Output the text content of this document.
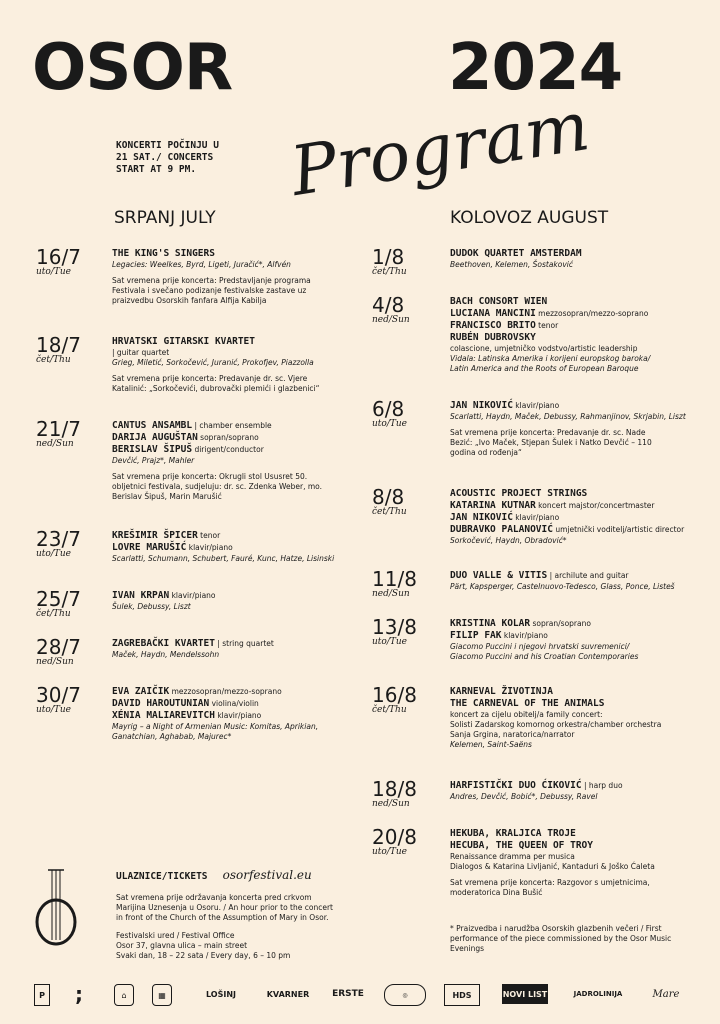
OSOR	2024
Program
KONCERTI POČINJU U
21 SAT./ CONCERTS
START AT 9 PM.
SRPANJ JULY	KOLOVOZ AUGUST
16/7
uto/Tue
THE KING'S SINGERS
Legacies: Weelkes, Byrd, Ligeti, Juračić*, Alfvén
Sat vremena prije koncerta: Predstavljanje programa
Festivala i svečano podizanje festivalske zastave uz
praizvedbu Osorskih fanfara Alfija Kabilja
18/7
čet/Thu
HRVATSKI GITARSKI KVARTET
| guitar quartet
Grieg, Miletić, Sorkočević, Juranić, Prokofjev, Piazzolla
Sat vremena prije koncerta: Predavanje dr. sc. Vjere
Katalinić: „Sorkočevići, dubrovački plemići i glazbenici“
21/7
ned/Sun
CANTUS ANSAMBL | chamber ensemble
DARIJA AUGUŠTAN sopran/soprano
BERISLAV ŠIPUŠ dirigent/conductor
Devčić, Prajz*, Mahler
Sat vremena prije koncerta: Okrugli stol Ususret 50.
obljetnici festivala, sudjeluju: dr. sc. Zdenka Weber, mo.
Berislav Šipuš, Marin Marušić
23/7
uto/Tue
KREŠIMIR ŠPICER tenor
LOVRE MARUŠIĆ klavir/piano
Scarlatti, Schumann, Schubert, Fauré, Kunc, Hatze, Lisinski
25/7
čet/Thu
IVAN KRPAN klavir/piano
Šulek, Debussy, Liszt
28/7
ned/Sun
ZAGREBAČKI KVARTET | string quartet
Maček, Haydn, Mendelssohn
30/7
uto/Tue
EVA ZAIČIK mezzosopran/mezzo-soprano
DAVID HAROUTUNIAN violina/violin
XÉNIA MALIAREVITCH klavir/piano
Mayrig – a Night of Armenian Music: Komitas, Aprikian,
Ganatchian, Aghabab, Majurec*
1/8
čet/Thu
DUDOK QUARTET AMSTERDAM
Beethoven, Kelemen, Šostaković
4/8
ned/Sun
BACH CONSORT WIEN
LUCIANA MANCINI mezzosopran/mezzo-soprano
FRANCISCO BRITO tenor
RUBÉN DUBROVSKY
colascione, umjetničko vodstvo/artistic leadership
Vidala: Latinska Amerika i korijeni europskog baroka/
Latin America and the Roots of European Baroque
6/8
uto/Tue
JAN NIKOVIĆ klavir/piano
Scarlatti, Haydn, Maček, Debussy, Rahmanjinov, Skrjabin, Liszt
Sat vremena prije koncerta: Predavanje dr. sc. Nade
Bezić: „Ivo Maček, Stjepan Šulek i Natko Devčić – 110
godina od rođenja“
8/8
čet/Thu
ACOUSTIC PROJECT STRINGS
KATARINA KUTNAR koncert majstor/concertmaster
JAN NIKOVIĆ klavir/piano
DUBRAVKO PALANOVIĆ umjetnički voditelj/artistic director
Sorkočević, Haydn, Obradović*
11/8
ned/Sun
DUO VALLE & VITIS | archilute and guitar
Pärt, Kapsperger, Castelnuovo-Tedesco, Glass, Ponce, Listeš
13/8
uto/Tue
KRISTINA KOLAR sopran/soprano
FILIP FAK klavir/piano
Giacomo Puccini i njegovi hrvatski suvremenici/
Giacomo Puccini and his Croatian Contemporaries
16/8
čet/Thu
KARNEVAL ŽIVOTINJA
THE CARNEVAL OF THE ANIMALS
koncert za cijelu obitelj/a family concert:
Solisti Zadarskog komornog orkestra/chamber orchestra
Sanja Grgina, naratorica/narrator
Kelemen, Saint-Saëns
18/8
ned/Sun
HARFISTIČKI DUO ĆIKOVIĆ | harp duo
Andres, Devčić, Bobić*, Debussy, Ravel
20/8
uto/Tue
HEKUBA, KRALJICA TROJE
HECUBA, THE QUEEN OF TROY
Renaissance dramma per musica
Dialogos & Katarina Livljanić, Kantaduri & Joško Ćaleta
Sat vremena prije koncerta: Razgovor s umjetnicima,
moderatorica Dina Bušić
* Praizvedba i narudžba Osorskih glazbenih večeri / First
performance of the piece commissioned by the Osor Music
Evenings
ULAZNICE/TICKETS osorfestival.eu
Sat vremena prije održavanja koncerta pred crkvom
Marijina Uznesenja u Osoru. / An hour prior to the concert
in front of the Church of the Assumption of Mary in Osor.
Festivalski ured / Festival Office
Osor 37, glavna ulica – main street
Svaki dan, 18 – 22 sata / Every day, 6 – 10 pm
P ;	⌂	▦	LOŠINJ	KVARNER	ERSTE	◎	HDS	NOVI LIST	JADROLINIJA	Mare
